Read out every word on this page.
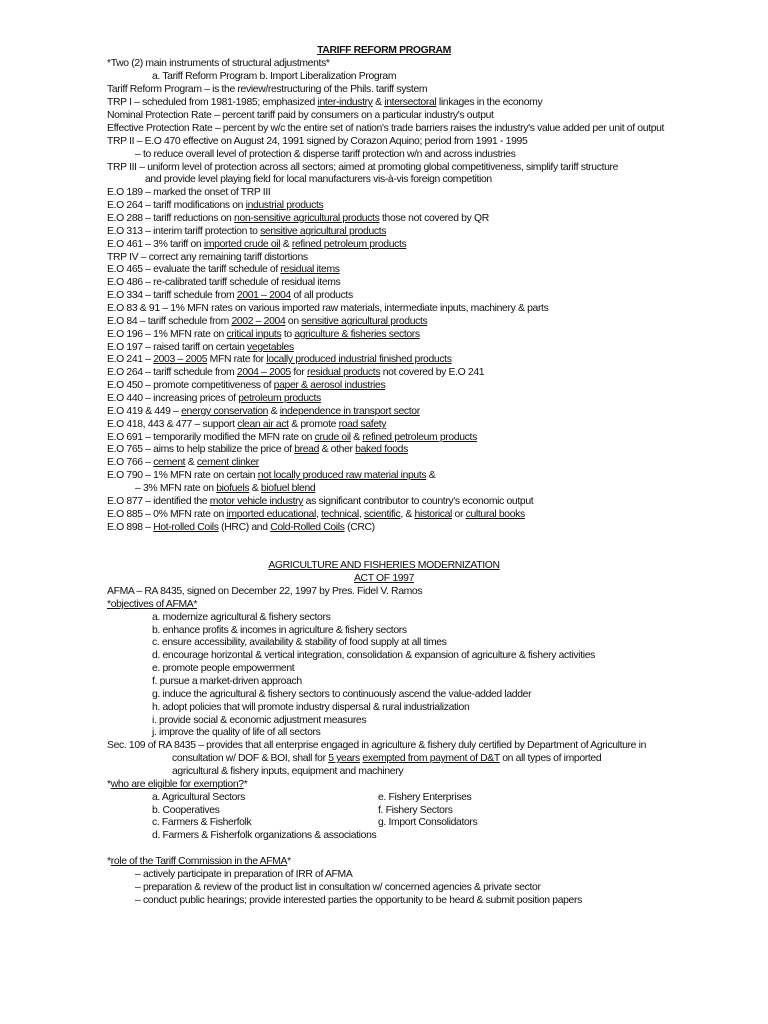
TARIFF REFORM PROGRAM
*Two (2) main instruments of structural adjustments*
a. Tariff Reform Program b. Import Liberalization Program
Tariff Reform Program – is the review/restructuring of the Phils. tariff system
TRP I – scheduled from 1981-1985; emphasized inter-industry & intersectoral linkages in the economy
Nominal Protection Rate – percent tariff paid by consumers on a particular industry's output
Effective Protection Rate – percent by w/c the entire set of nation's trade barriers raises the industry's value added per unit of output
TRP II – E.O 470 effective on August 24, 1991 signed by Corazon Aquino; period from 1991 - 1995
– to reduce overall level of protection & disperse tariff protection w/n and across industries
TRP III – uniform level of protection across all sectors; aimed at promoting global competitiveness, simplify tariff structure
and provide level playing field for local manufacturers vis-à-vis foreign competition
E.O 189 – marked the onset of TRP III
E.O 264 – tariff modifications on industrial products
E.O 288 – tariff reductions on non-sensitive agricultural products those not covered by QR
E.O 313 – interim tariff protection to sensitive agricultural products
E.O 461 – 3% tariff on imported crude oil & refined petroleum products
TRP IV – correct any remaining tariff distortions
E.O 465 – evaluate the tariff schedule of residual items
E.O 486 – re-calibrated tariff schedule of residual items
E.O 334 – tariff schedule from 2001 – 2004 of all products
E.O 83 & 91 – 1% MFN rates on various imported raw materials, intermediate inputs, machinery & parts
E.O 84 – tariff schedule from 2002 – 2004 on sensitive agricultural products
E.O 196 – 1% MFN rate on critical inputs to agriculture & fisheries sectors
E.O 197 – raised tariff on certain vegetables
E.O 241 – 2003 – 2005 MFN rate for locally produced industrial finished products
E.O 264 – tariff schedule from 2004 – 2005 for residual products not covered by E.O 241
E.O 450 – promote competitiveness of paper & aerosol industries
E.O 440 – increasing prices of petroleum products
E.O 419 & 449 – energy conservation & independence in transport sector
E.O 418, 443 & 477 – support clean air act & promote road safety
E.O 691 – temporarily modified the MFN rate on crude oil & refined petroleum products
E.O 765 – aims to help stabilize the price of bread & other baked foods
E.O 766 – cement & cement clinker
E.O 790 – 1% MFN rate on certain not locally produced raw material inputs &
– 3% MFN rate on biofuels & biofuel blend
E.O 877 – identified the motor vehicle industry as significant contributor to country's economic output
E.O 885 – 0% MFN rate on imported educational, technical, scientific, & historical or cultural books
E.O 898 – Hot-rolled Coils (HRC) and Cold-Rolled Coils (CRC)
AGRICULTURE AND FISHERIES MODERNIZATION
ACT OF 1997
AFMA – RA 8435, signed on December 22, 1997 by Pres. Fidel V. Ramos
*objectives of AFMA*
a. modernize agricultural & fishery sectors
b. enhance profits & incomes in agriculture & fishery sectors
c. ensure accessibility, availability & stability of food supply at all times
d. encourage horizontal & vertical integration, consolidation & expansion of agriculture & fishery activities
e. promote people empowerment
f. pursue a market-driven approach
g. induce the agricultural & fishery sectors to continuously ascend the value-added ladder
h. adopt policies that will promote industry dispersal & rural industrialization
i. provide social & economic adjustment measures
j. improve the quality of life of all sectors
Sec. 109 of RA 8435 – provides that all enterprise engaged in agriculture & fishery duly certified by Department of Agriculture in
consultation w/ DOF & BOI, shall for 5 years exempted from payment of D&T on all types of imported
agricultural & fishery inputs, equipment and machinery
*who are eligible for exemption?*
a. Agricultural Sectors	e. Fishery Enterprises
b. Cooperatives	f. Fishery Sectors
c. Farmers & Fisherfolk	g. Import Consolidators
d. Farmers & Fisherfolk organizations & associations
*role of the Tariff Commission in the AFMA*
– actively participate in preparation of IRR of AFMA
– preparation & review of the product list in consultation w/ concerned agencies & private sector
– conduct public hearings; provide interested parties the opportunity to be heard & submit position papers
